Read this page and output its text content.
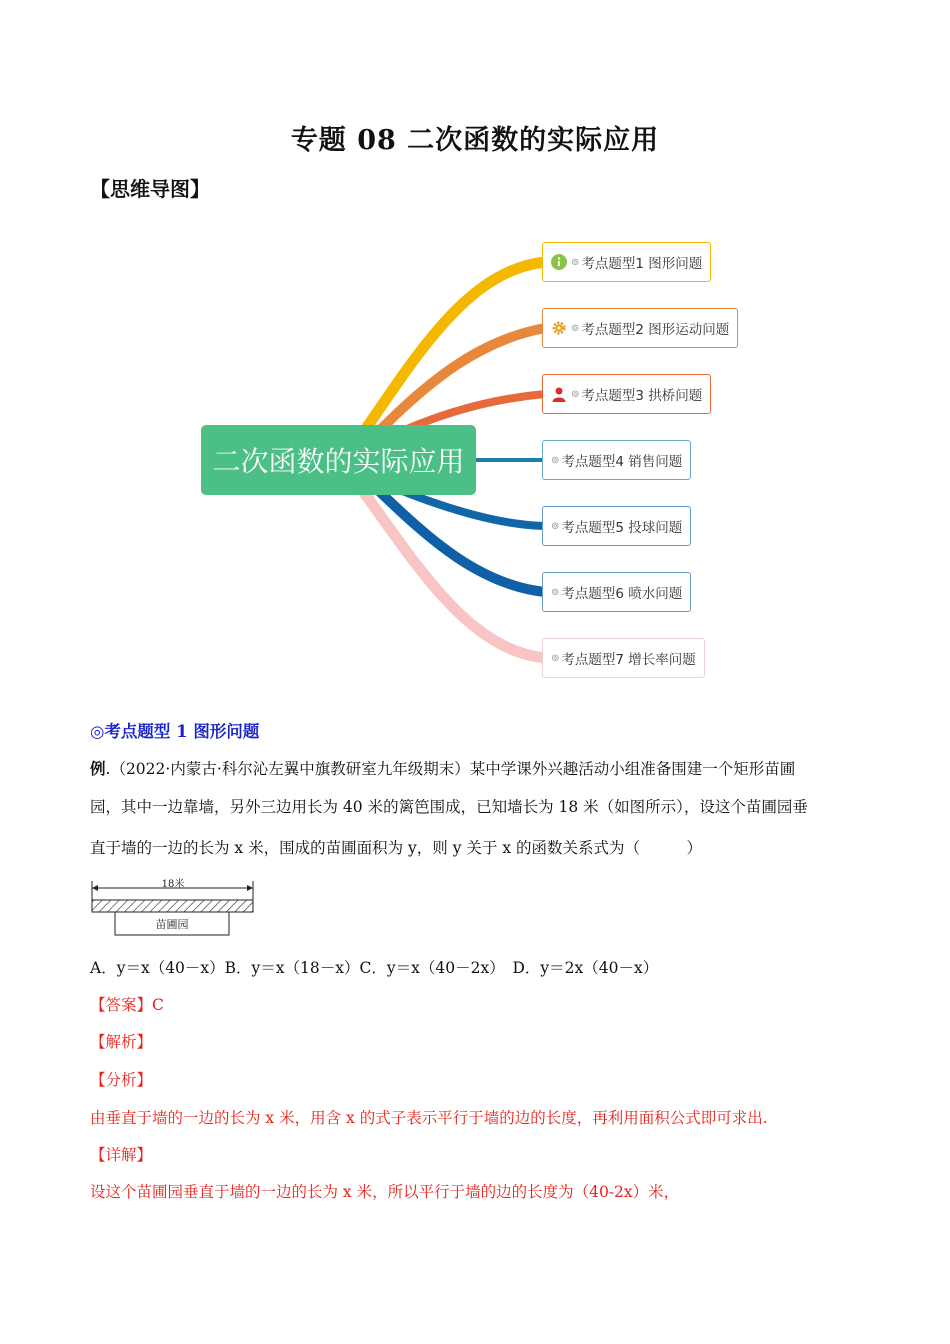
专题 08 二次函数的实际应用
【思维导图】
二次函数的实际应用
⊚ 考点题型1 图形问题
⊚ 考点题型2 图形运动问题
⊚ 考点题型3 拱桥问题
⊚ 考点题型4 销售问题
⊚ 考点题型5 投球问题
⊚ 考点题型6 喷水问题
⊚ 考点题型7 增长率问题
◎考点题型 1 图形问题
例.（2022·内蒙古·科尔沁左翼中旗教研室九年级期末）某中学课外兴趣活动小组准备围建一个矩形苗圃
园，其中一边靠墙，另外三边用长为 40 米的篱笆围成，已知墙长为 18 米（如图所示），设这个苗圃园垂
直于墙的一边的长为 x 米，围成的苗圃面积为 y，则 y 关于 x 的函数关系式为（　　　）
18米
苗圃园
A．y＝x（40－x）B．y＝x（18－x）C．y＝x（40－2x）　D．y＝2x（40－x）
【答案】C
【解析】
【分析】
由垂直于墙的一边的长为 x 米，用含 x 的式子表示平行于墙的边的长度，再利用面积公式即可求出.
【详解】
设这个苗圃园垂直于墙的一边的长为 x 米，所以平行于墙的边的长度为（40-2x）米，
